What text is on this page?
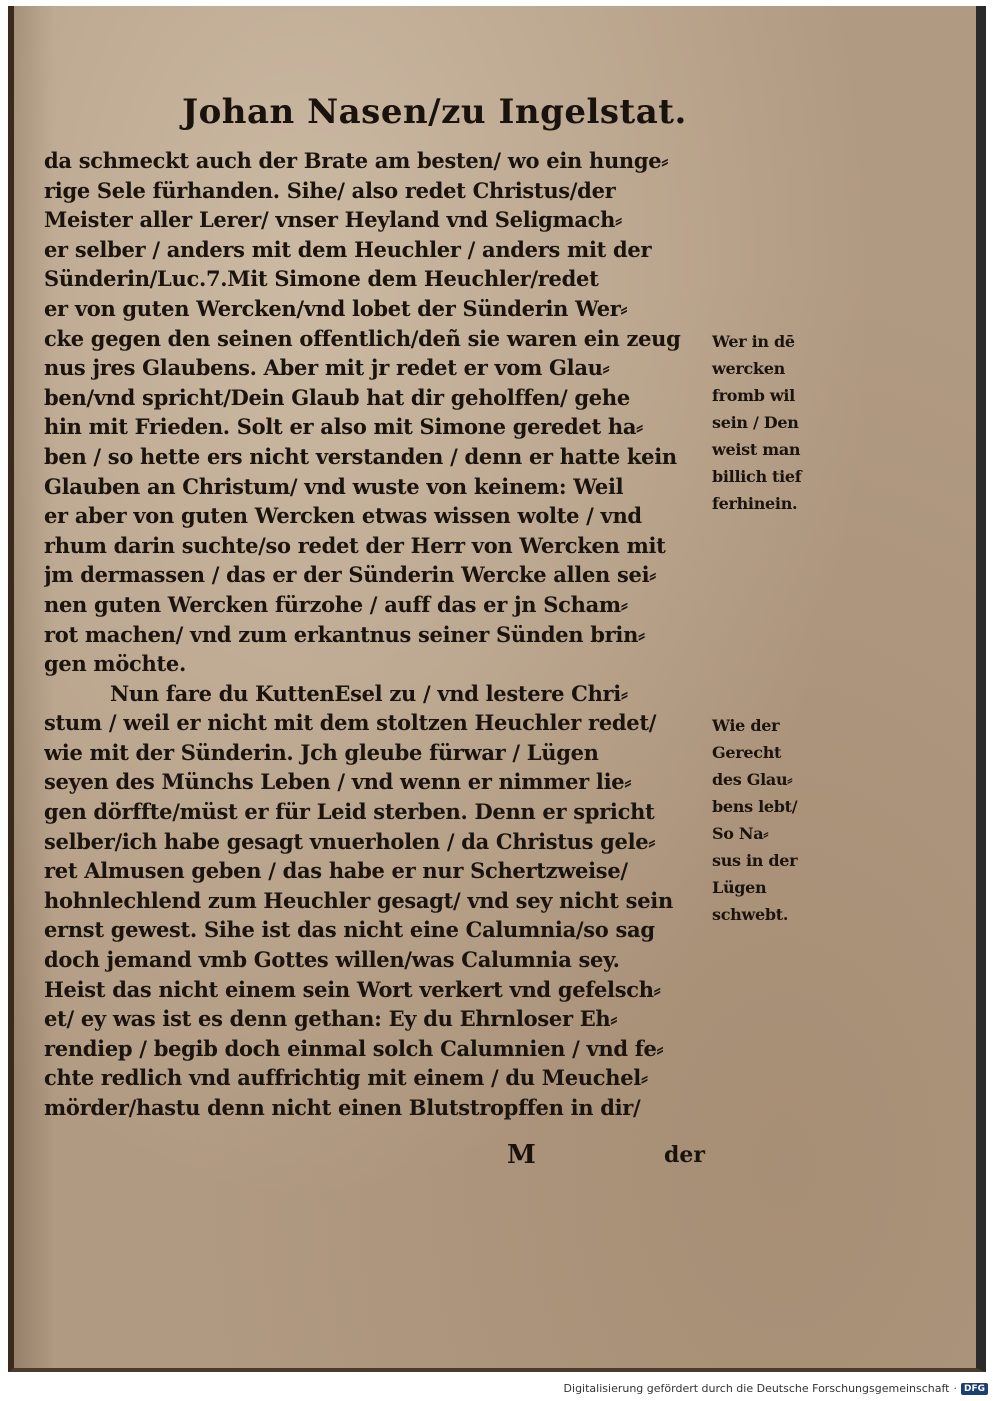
Johan Nasen/zu Ingelstat.
da schmeckt auch der Brate am besten/ wo ein hunge⸗
rige Sele fürhanden. Sihe/ also redet Christus/der
Meister aller Lerer/ vnser Heyland vnd Seligmach⸗
er selber / anders mit dem Heuchler / anders mit der
Sünderin/Luc.7.Mit Simone dem Heuchler/redet
er von guten Wercken/vnd lobet der Sünderin Wer⸗
cke gegen den seinen offentlich/deñ sie waren ein zeug
nus jres Glaubens. Aber mit jr redet er vom Glau⸗
ben/vnd spricht/Dein Glaub hat dir geholffen/ gehe
hin mit Frieden. Solt er also mit Simone geredet ha⸗
ben / so hette ers nicht verstanden / denn er hatte kein
Glauben an Christum/ vnd wuste von keinem: Weil
er aber von guten Wercken etwas wissen wolte / vnd
rhum darin suchte/so redet der Herr von Wercken mit
jm dermassen / das er der Sünderin Wercke allen sei⸗
nen guten Wercken fürzohe / auff das er jn Scham⸗
rot machen/ vnd zum erkantnus seiner Sünden brin⸗
gen möchte.
Nun fare du KuttenEsel zu / vnd lestere Chri⸗
stum / weil er nicht mit dem stoltzen Heuchler redet/
wie mit der Sünderin. Jch gleube fürwar / Lügen
seyen des Münchs Leben / vnd wenn er nimmer lie⸗
gen dörffte/müst er für Leid sterben. Denn er spricht
selber/ich habe gesagt vnuerholen / da Christus gele⸗
ret Almusen geben / das habe er nur Schertzweise/
hohnlechlend zum Heuchler gesagt/ vnd sey nicht sein
ernst gewest. Sihe ist das nicht eine Calumnia/so sag
doch jemand vmb Gottes willen/was Calumnia sey.
Heist das nicht einem sein Wort verkert vnd gefelsch⸗
et/ ey was ist es denn gethan: Ey du Ehrnloser Eh⸗
rendiep / begib doch einmal solch Calumnien / vnd fe⸗
chte redlich vnd auffrichtig mit einem / du Meuchel⸗
mörder/hastu denn nicht einen Blutstropffen in dir/
Wer in dē
wercken
fromb wil
sein / Den
weist man
billich tief
ferhinein.
Wie der
Gerecht
des Glau⸗
bens lebt/
So Na⸗
sus in der
Lügen
schwebt.
M	der
Digitalisierung gefördert durch die Deutsche Forschungsgemeinschaft · DFG
